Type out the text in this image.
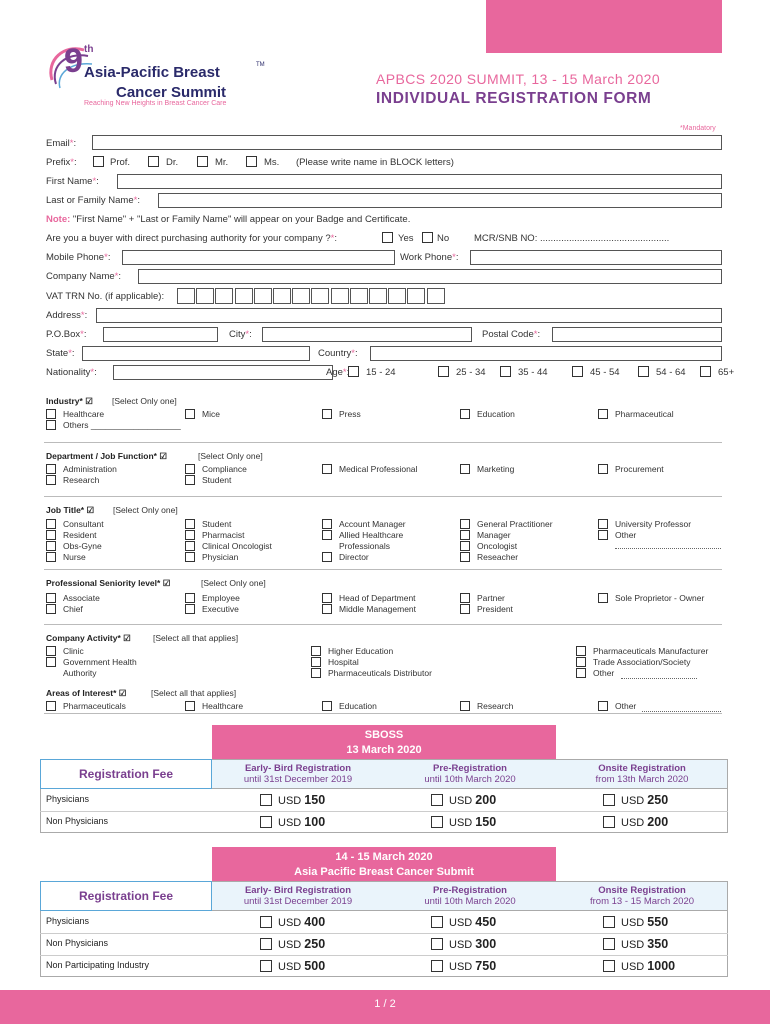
9 th
Asia-Pacific Breast	TM
Cancer Summit
Reaching New Heights in Breast Cancer Care
APBCS 2020 SUMMIT, 13 - 15 March 2020
INDIVIDUAL REGISTRATION FORM
*Mandatory
Email*:
Prefix*:	Prof.	Dr.	Mr.	Ms. (Please write name in BLOCK letters)
First Name*:
Last or Family Name*:
Note: "First Name" + "Last or Family Name" will appear on your Badge and Certificate.
Are you a buyer with direct purchasing authority for your company ?*:	Yes No	MCR/SNB NO: .................................................
Mobile Phone*:	Work Phone*:
Company Name*:
VAT TRN No. (if applicable):
Address*:
P.O.Box*:	City*:	Postal Code*:
State*:	Country*:
Nationality*:	Age* 15 - 24	25 - 34	35 - 44	45 - 54	54 - 64	65+
Industry* ☑ [Select Only one]
Healthcare
Others ___________________
Mice	Press	Education	Pharmaceutical
Department / Job Function* ☑	[Select Only one]
Administration
Research
Compliance
Student
Medical Professional	Marketing	Procurement
Job Title* ☑ [Select Only one]
Consultant
Resident
Obs-Gyne
Nurse
Student
Pharmacist
Clinical Oncologist
Physician
Account Manager
Allied Healthcare
Professionals
Director
General Practitioner
Manager
Oncologist
Reseacher
University Professor
Other
Professional Seniority level* ☑	[Select Only one]
Associate
Chief
Employee
Executive
Head of Department
Middle Management
Partner
President
Sole Proprietor - Owner
Company Activity* ☑	[Select all that applies]
Clinic
Government Health
Authority
Higher Education
Hospital
Pharmaceuticals Distributor
Pharmaceuticals Manufacturer
Trade Association/Society
Other
Areas of Interest* ☑	[Select all that applies]
Pharmaceuticals	Healthcare	Education	Research	Other
SBOSS
13 March 2020
Registration Fee	Early- Bird Registration
until 31st December 2019
Pre-Registration
until 10th March 2020
Onsite Registration
from 13th March 2020
Physicians	USD 150	USD 200	USD 250
Non Physicians	USD 100	USD 150	USD 200
14 - 15 March 2020
Asia Pacific Breast Cancer Submit
Registration Fee	Early- Bird Registration
until 31st December 2019
Pre-Registration
until 10th March 2020
Onsite Registration
from 13 - 15 March 2020
Physicians	USD 400	USD 450	USD 550
Non Physicians	USD 250	USD 300	USD 350
Non Participating Industry	USD 500	USD 750	USD 1000
1 / 2
